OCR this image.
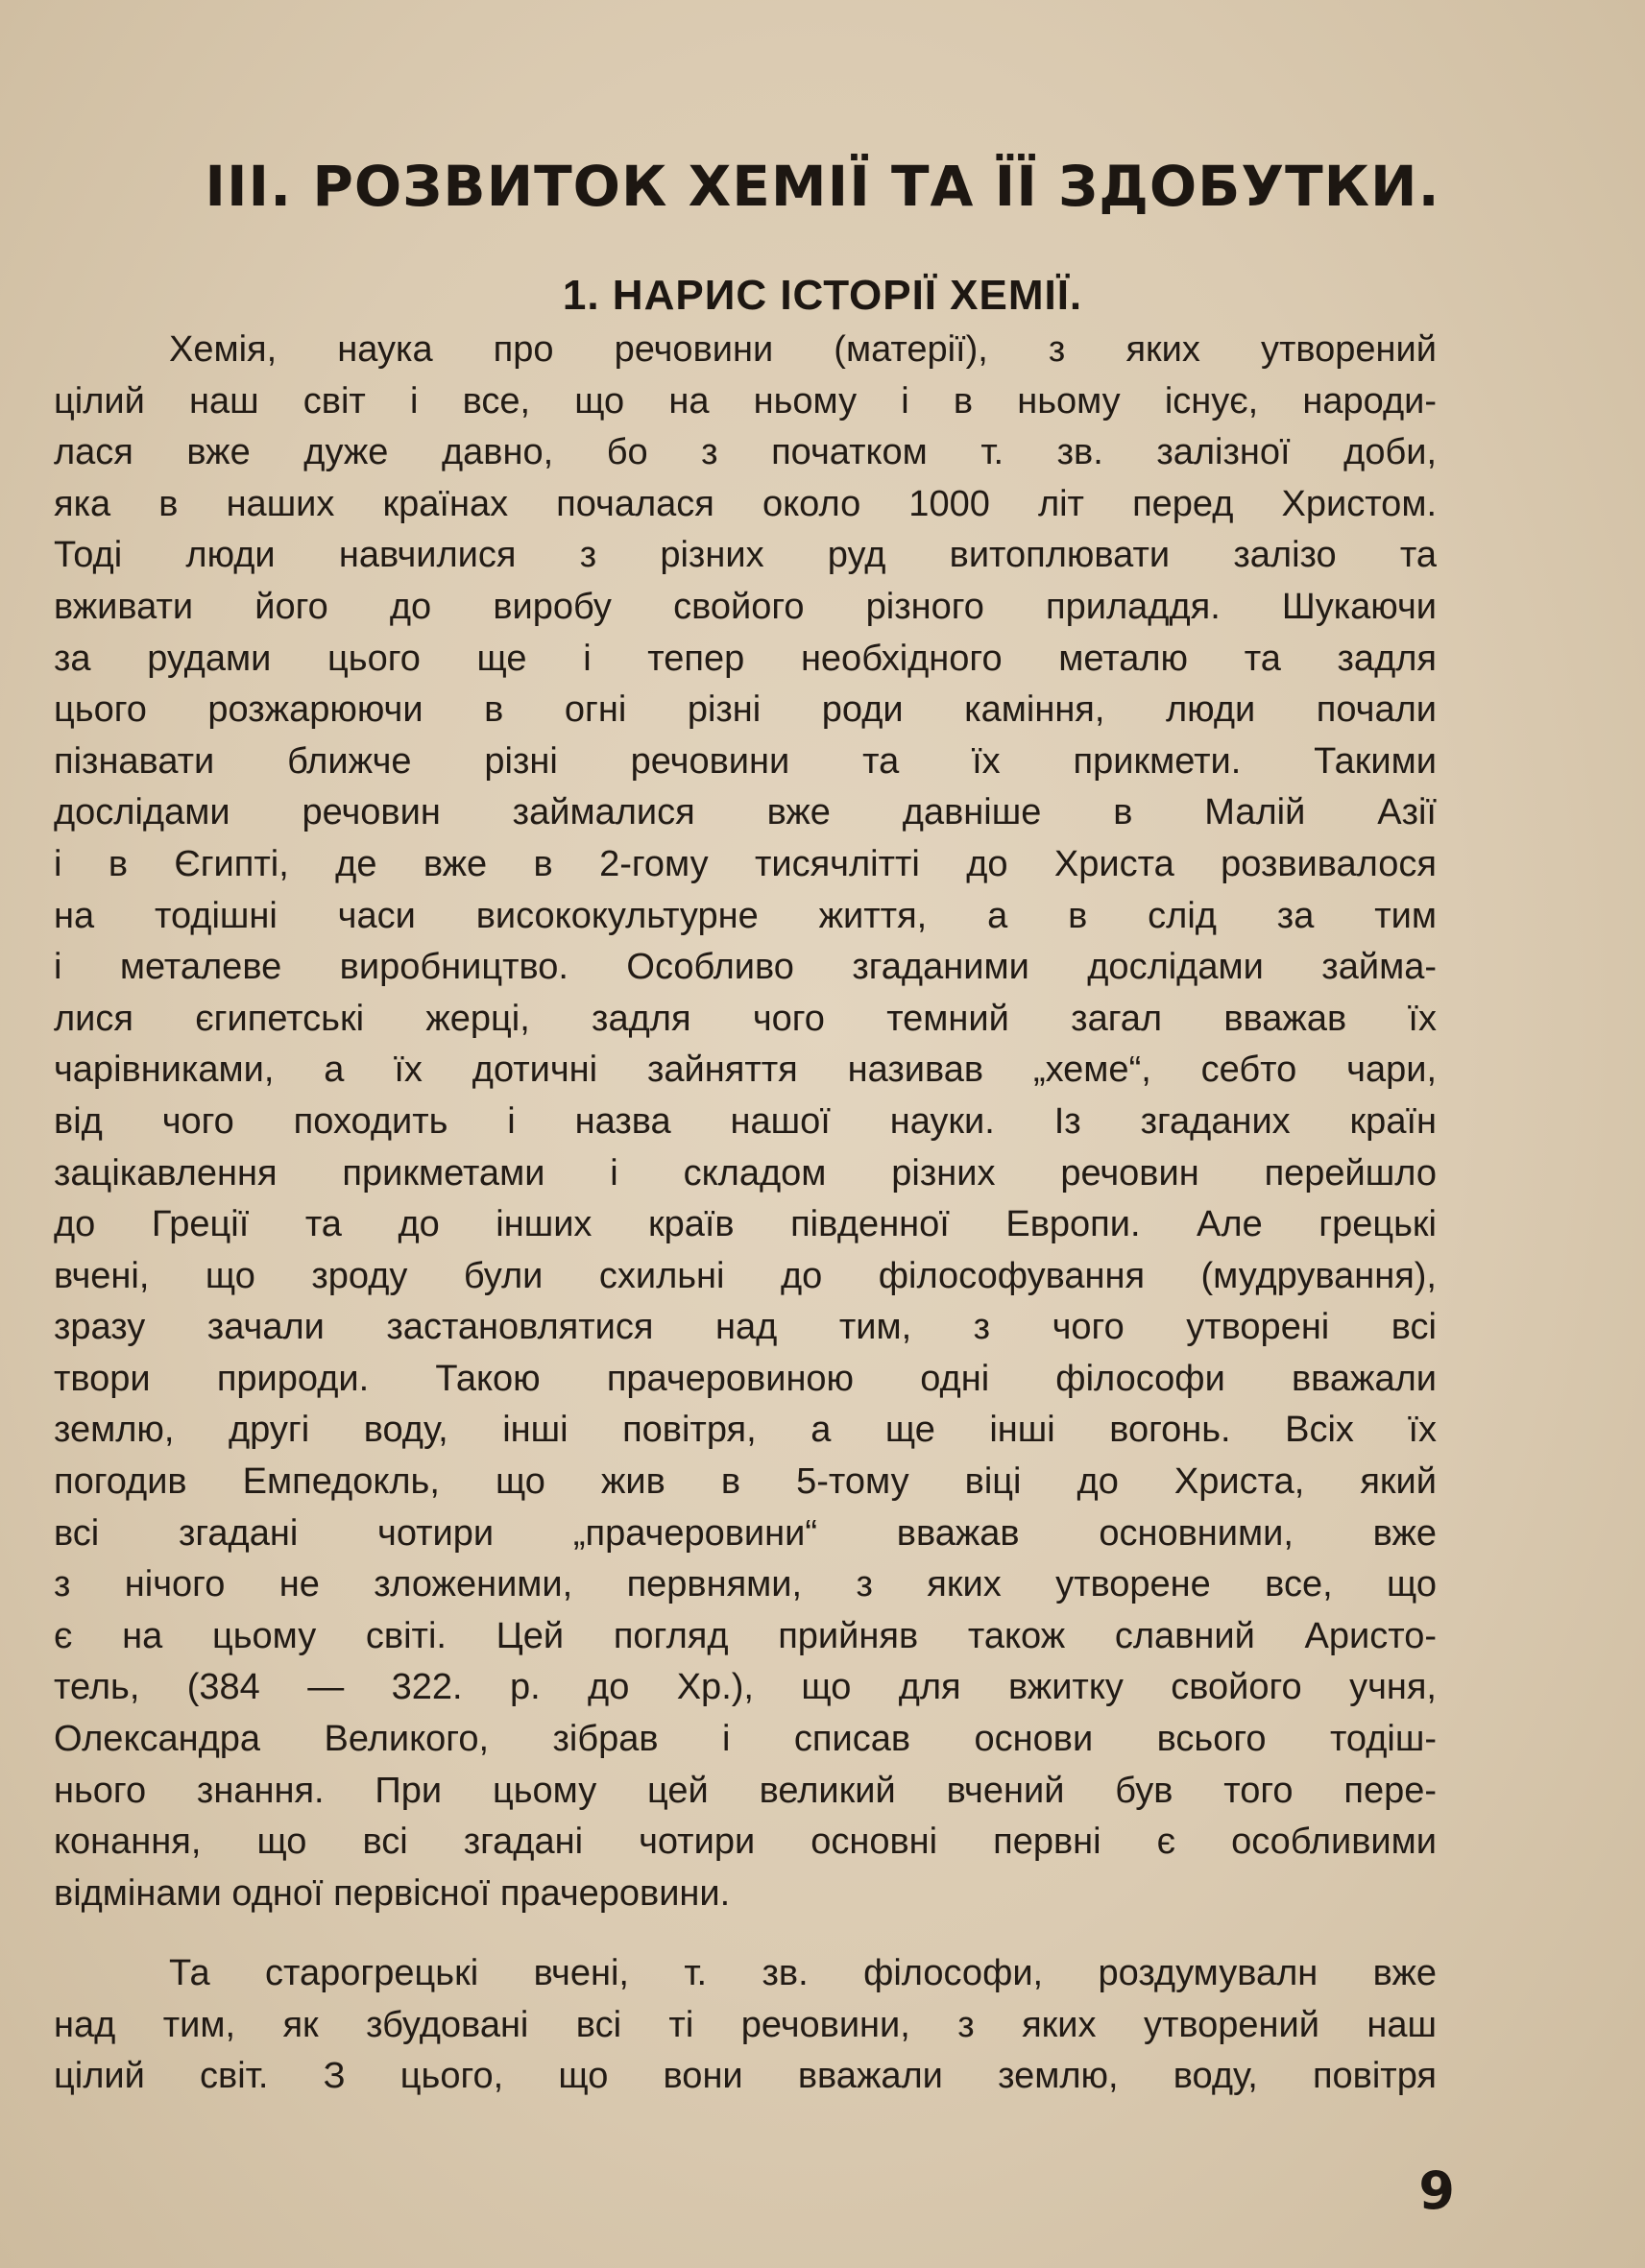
III. РОЗВИТОК ХЕМІЇ ТА ЇЇ ЗДОБУТКИ.
1. НАРИС ІСТОРІЇ ХЕМІЇ.
Хемія, наука про речовини (матерії), з яких утворений
цілий наш світ і все, що на ньому і в ньому існує, народи-
лася вже дуже давно, бо з початком т. зв. залізної доби,
яка в наших країнах почалася около 1000 літ перед Христом.
Тоді люди навчилися з різних руд витоплювати залізо та
вживати його до виробу свойого різного приладдя. Шукаючи
за рудами цього ще і тепер необхідного металю та задля
цього розжарюючи в огні різні роди каміння, люди почали
пізнавати ближче різні речовини та їх прикмети. Такими
дослідами речовин займалися вже давніше в Малій Азії
і в Єгипті, де вже в 2-гому тисячлітті до Христа розвивалося
на тодішні часи висококультурне життя, а в слід за тим
і металеве виробництво. Особливо згаданими дослідами займа-
лися єгипетські жерці, задля чого темний загал вважав їх
чарівниками, а їх дотичні зайняття називав „хеме“, себто чари,
від чого походить і назва нашої науки. Із згаданих країн
зацікавлення прикметами і складом різних речовин перейшло
до Греції та до інших країв південної Европи. Але грецькі
вчені, що зроду були схильні до філософування (мудрування),
зразу зачали застановлятися над тим, з чого утворені всі
твори природи. Такою прачеровиною одні філософи вважали
землю, другі воду, інші повітря, а ще інші вогонь. Всіх їх
погодив Емпедокль, що жив в 5-тому віці до Христа, який
всі згадані чотири „прачеровини“ вважав основними, вже
з нічого не зложеними, первнями, з яких утворене все, що
є на цьому світі. Цей погляд прийняв також славний Аристо-
тель, (384 — 322. р. до Хр.), що для вжитку свойого учня,
Олександра Великого, зібрав і списав основи всього тодіш-
нього знання. При цьому цей великий вчений був того пере-
конання, що всі згадані чотири основні первні є особливими
відмінами одної первісної прачеровини.
Та старогрецькі вчені, т. зв. філософи, роздумувалн вже
над тим, як збудовані всі ті речовини, з яких утворений наш
цілий світ. З цього, що вони вважали землю, воду, повітря
9
